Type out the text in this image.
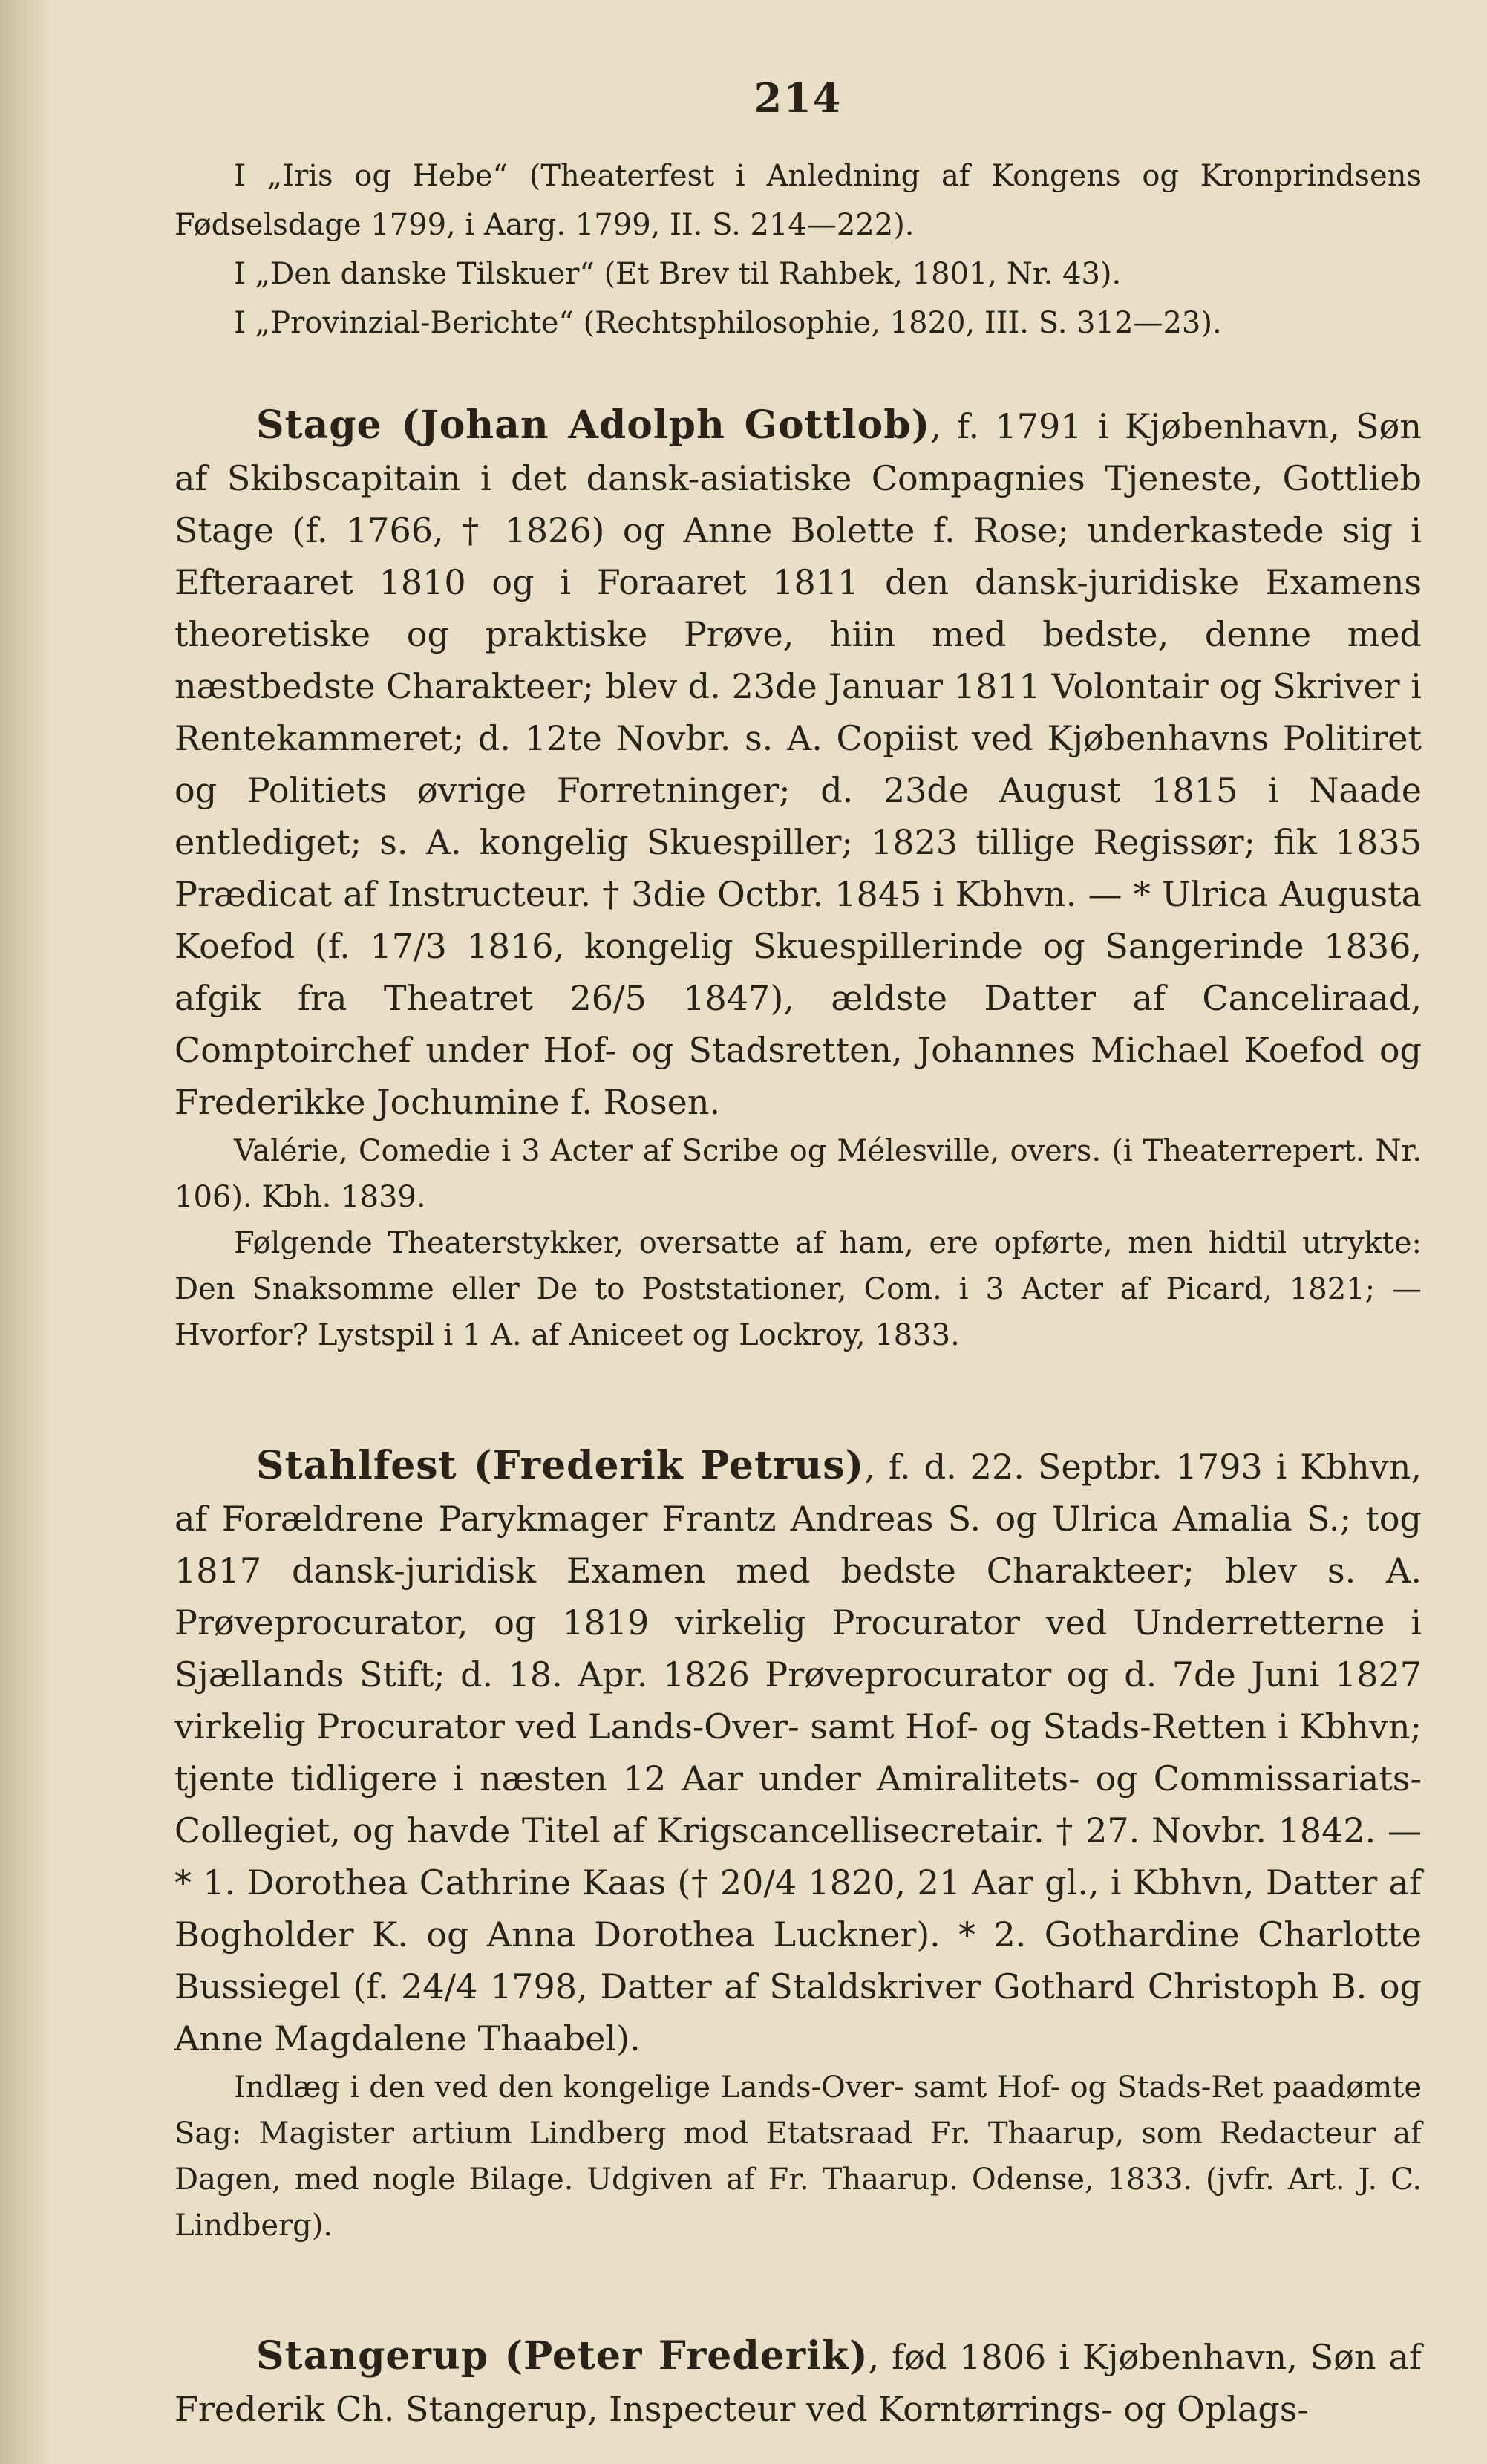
214

I „Iris og Hebe“ (Theaterfest i Anledning af Kongens og Kronprindsens Fødselsdage 1799, i Aarg. 1799, II. S. 214—222).

I „Den danske Tilskuer“ (Et Brev til Rahbek, 1801, Nr. 43).

I „Provinzial-Berichte“ (Rechtsphilosophie, 1820, III. S. 312—23).

Stage (Johan Adolph Gottlob), f. 1791 i Kjøbenhavn, Søn af Skibscapitain i det dansk-asiatiske Compagnies Tjeneste, Gottlieb Stage (f. 1766, † 1826) og Anne Bolette f. Rose; underkastede sig i Efteraaret 1810 og i Foraaret 1811 den dansk-juridiske Examens theoretiske og praktiske Prøve, hiin med bedste, denne med næstbedste Charakteer; blev d. 23de Januar 1811 Volontair og Skriver i Rentekammeret; d. 12te Novbr. s. A. Copiist ved Kjøbenhavns Politiret og Politiets øvrige Forretninger; d. 23de August 1815 i Naade entlediget; s. A. kongelig Skuespiller; 1823 tillige Regissør; fik 1835 Prædicat af Instructeur. † 3die Octbr. 1845 i Kbhvn. — * Ulrica Augusta Koefod (f. 17/3 1816, kongelig Skuespillerinde og Sangerinde 1836, afgik fra Theatret 26/5 1847), ældste Datter af Canceliraad, Comptoirchef under Hof- og Stadsretten, Johannes Michael Koefod og Frederikke Jochumine f. Rosen.

Valérie, Comedie i 3 Acter af Scribe og Mélesville, overs. (i Theaterrepert. Nr. 106). Kbh. 1839.

Følgende Theaterstykker, oversatte af ham, ere opførte, men hidtil utrykte: Den Snaksomme eller De to Poststationer, Com. i 3 Acter af Picard, 1821; — Hvorfor? Lystspil i 1 A. af Aniceet og Lockroy, 1833.

Stahlfest (Frederik Petrus), f. d. 22. Septbr. 1793 i Kbhvn, af Forældrene Parykmager Frantz Andreas S. og Ulrica Amalia S.; tog 1817 dansk-juridisk Examen med bedste Charakteer; blev s. A. Prøveprocurator, og 1819 virkelig Procurator ved Underretterne i Sjællands Stift; d. 18. Apr. 1826 Prøveprocurator og d. 7de Juni 1827 virkelig Procurator ved Lands-Over- samt Hof- og Stads-Retten i Kbhvn; tjente tidligere i næsten 12 Aar under Amiralitets- og Commissariats-Collegiet, og havde Titel af Krigscancellisecretair. † 27. Novbr. 1842. — * 1. Dorothea Cathrine Kaas († 20/4 1820, 21 Aar gl., i Kbhvn, Datter af Bogholder K. og Anna Dorothea Luckner). * 2. Gothardine Charlotte Bussiegel (f. 24/4 1798, Datter af Staldskriver Gothard Christoph B. og Anne Magdalene Thaabel).

Indlæg i den ved den kongelige Lands-Over- samt Hof- og Stads-Ret paadømte Sag: Magister artium Lindberg mod Etatsraad Fr. Thaarup, som Redacteur af Dagen, med nogle Bilage. Udgiven af Fr. Thaarup. Odense, 1833. (jvfr. Art. J. C. Lindberg).

Stangerup (Peter Frederik), fød 1806 i Kjøbenhavn, Søn af Frederik Ch. Stangerup, Inspecteur ved Korntørrings- og Oplags-
